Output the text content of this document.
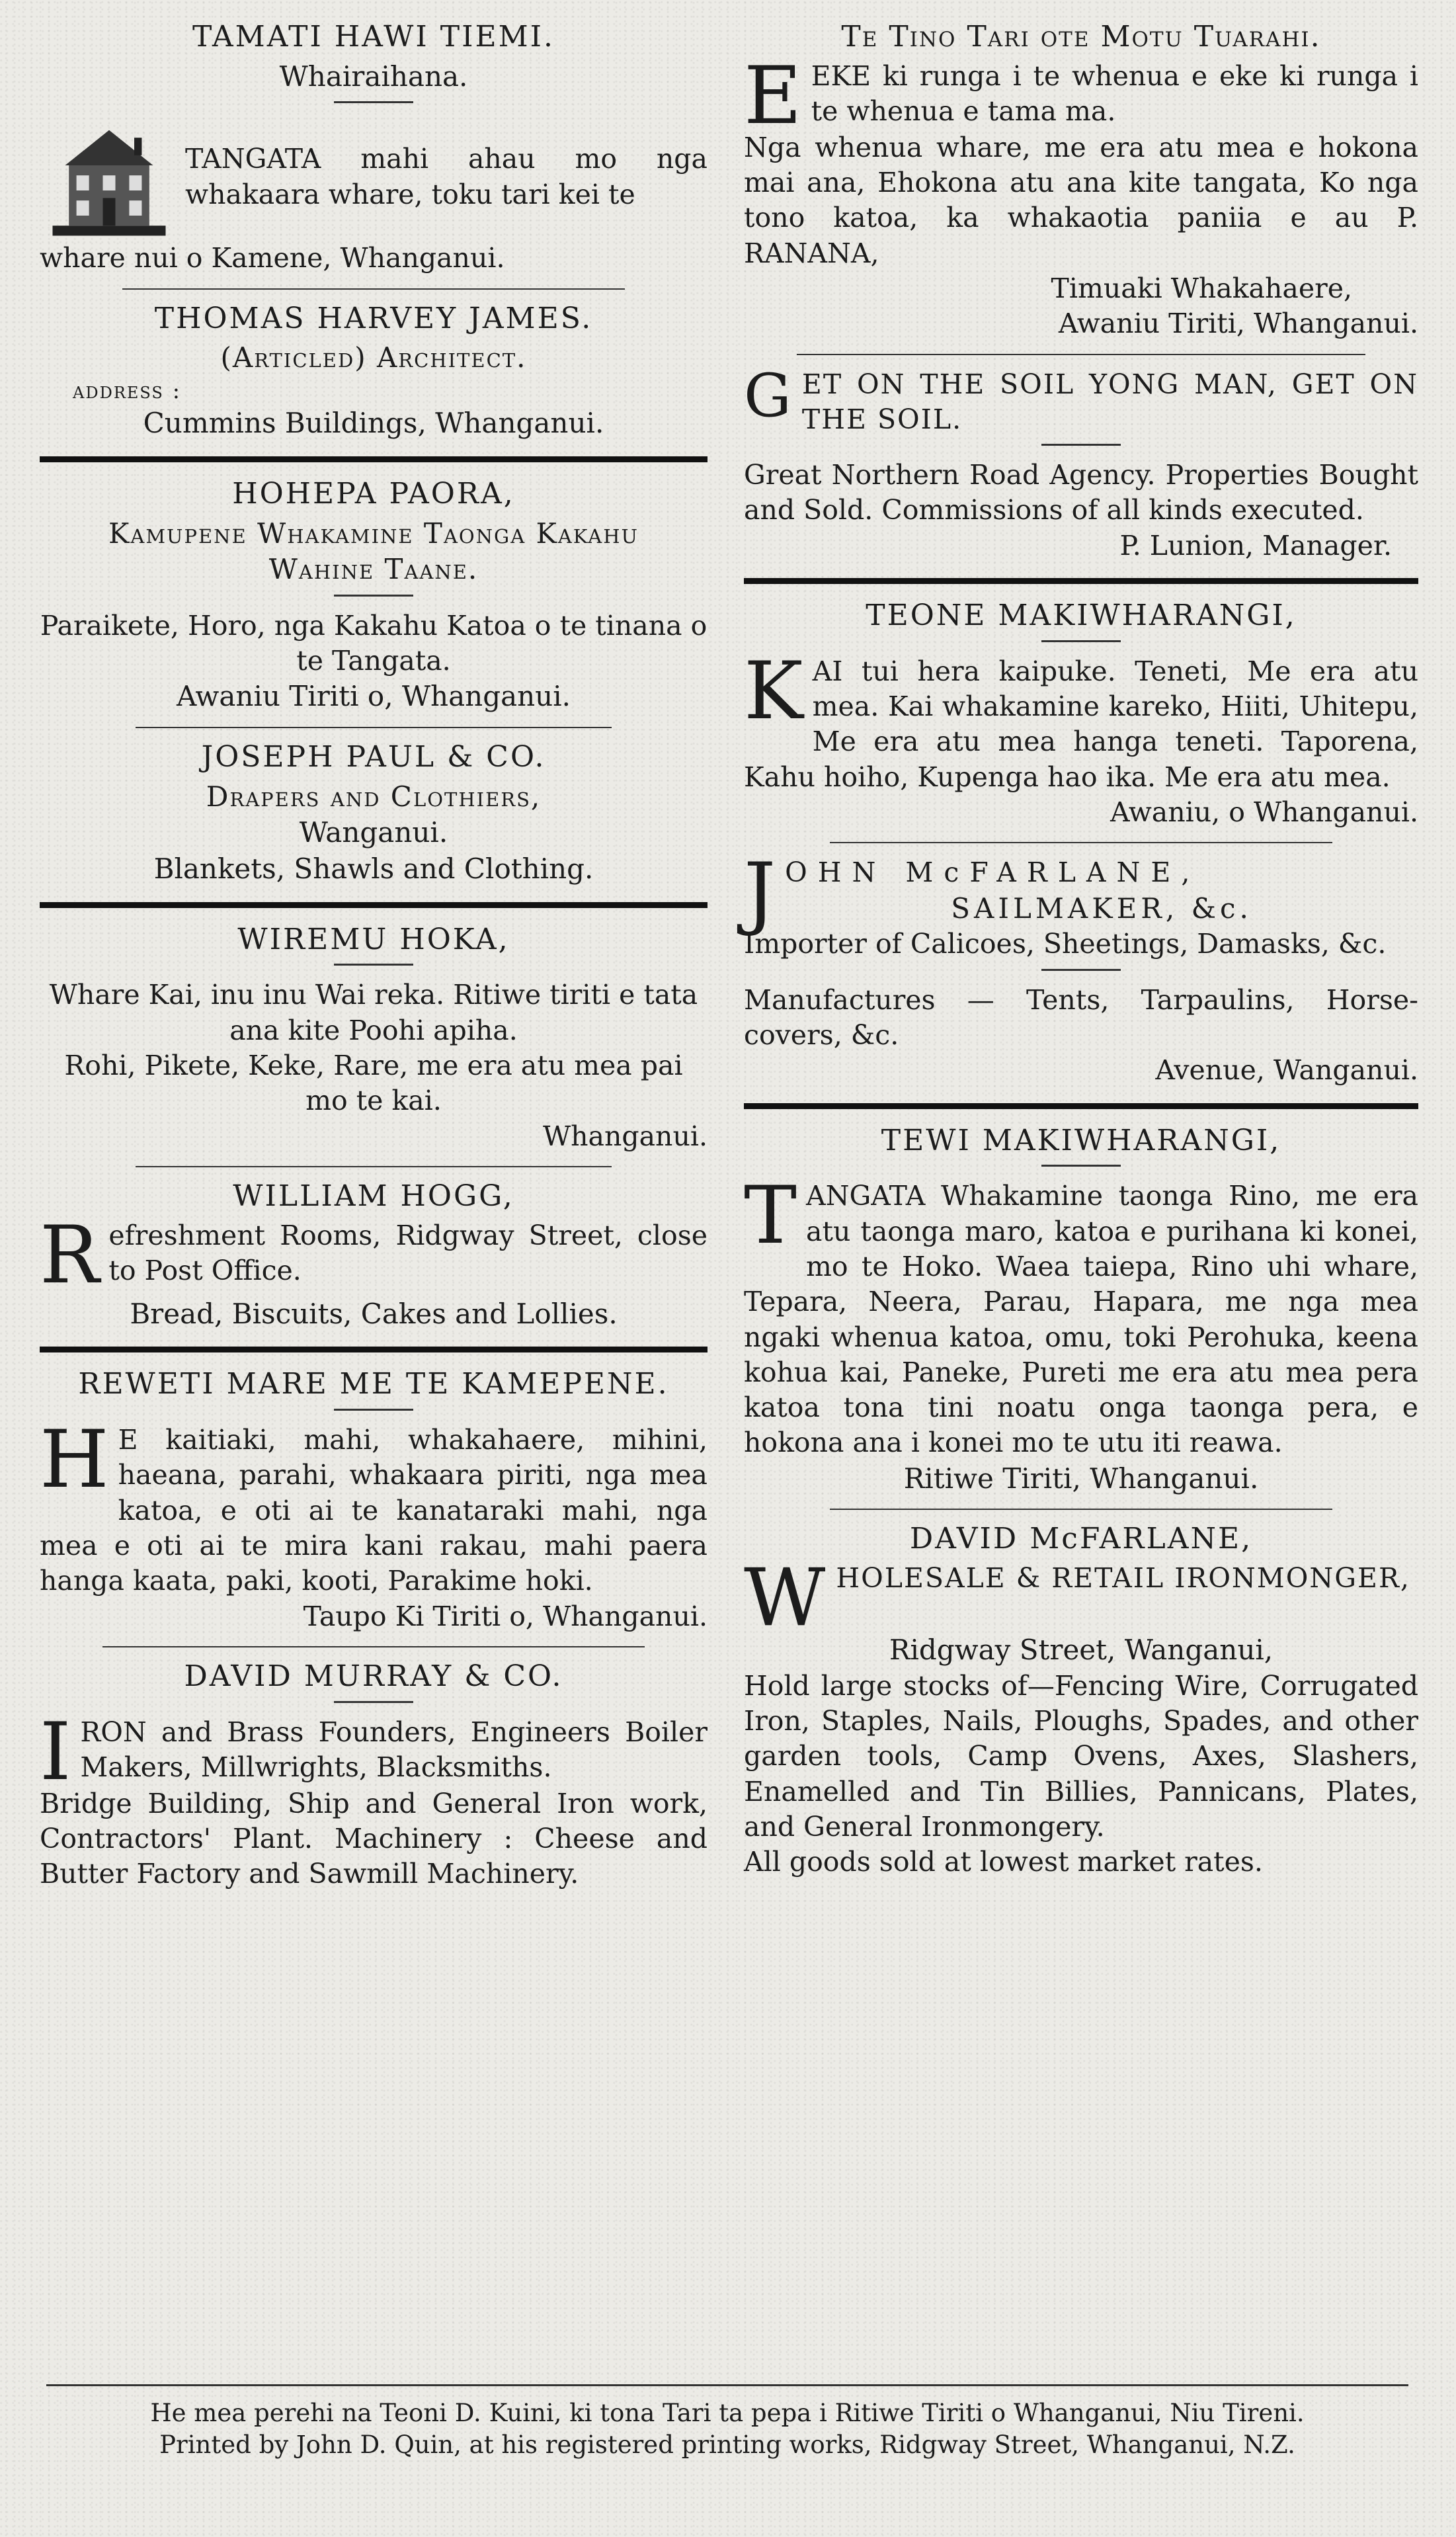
TAMATI HAWI TIEMI.
Whairaihana.
TANGATA mahi ahau mo nga whakaara whare, toku tari kei te
whare nui o Kamene, Whanganui.
THOMAS HARVEY JAMES.
(Articled) Architect.
address :
Cummins Buildings, Whanganui.
HOHEPA PAORA,
Kamupene Whakamine Taonga Kakahu
Wahine Taane.
Paraikete, Horo, nga Kakahu Katoa o te tinana o te Tangata.
Awaniu Tiriti o, Whanganui.
JOSEPH PAUL & CO.
Drapers and Clothiers,
Wanganui.
Blankets, Shawls and Clothing.
WIREMU HOKA,
Whare Kai, inu inu Wai reka. Ritiwe tiriti e tata ana kite Poohi apiha.
Rohi, Pikete, Keke, Rare, me era atu mea pai mo te kai.
Whanganui.
WILLIAM HOGG,
R efreshment Rooms, Ridgway Street, close to Post Office.
Bread, Biscuits, Cakes and Lollies.
REWETI MARE ME TE KAMEPENE.
H E kaitiaki, mahi, whakahaere, mihini, haeana, parahi, whakaara piriti, nga mea katoa, e oti ai te kanataraki mahi, nga mea e oti ai te mira kani rakau, mahi paera hanga kaata, paki, kooti, Parakime hoki.
Taupo Ki Tiriti o, Whanganui.
DAVID MURRAY & CO.
I RON and Brass Founders, Engineers Boiler Makers, Millwrights, Blacksmiths.
Bridge Building, Ship and General Iron work, Contractors' Plant. Machinery : Cheese and Butter Factory and Sawmill Machinery.
Te Tino Tari ote Motu Tuarahi.
E EKE ki runga i te whenua e eke ki runga i te whenua e tama ma.
Nga whenua whare, me era atu mea e hokona mai ana, Ehokona atu ana kite tangata, Ko nga tono katoa, ka whakaotia paniia e au P. RANANA,
Timuaki Whakahaere,
Awaniu Tiriti, Whanganui.
G ET ON THE SOIL YONG MAN, GET ON THE SOIL.
Great Northern Road Agency. Properties Bought and Sold. Commissions of all kinds executed.
P. Lunion, Manager.
TEONE MAKIWHARANGI,
K AI tui hera kaipuke. Teneti, Me era atu mea. Kai whakamine kareko, Hiiti, Uhitepu, Me era atu mea hanga teneti. Taporena, Kahu hoiho, Kupenga hao ika. Me era atu mea.
Awaniu, o Whanganui.
J OHN McFARLANE,
SAILMAKER, &c.
Importer of Calicoes, Sheetings, Damasks, &c.
Manufactures — Tents, Tarpaulins, Horse-covers, &c.
Avenue, Wanganui.
TEWI MAKIWHARANGI,
T ANGATA Whakamine taonga Rino, me era atu taonga maro, katoa e purihana ki konei, mo te Hoko. Waea taiepa, Rino uhi whare, Tepara, Neera, Parau, Hapara, me nga mea ngaki whenua katoa, omu, toki Perohuka, keena kohua kai, Paneke, Pureti me era atu mea pera katoa tona tini noatu onga taonga pera, e hokona ana i konei mo te utu iti reawa.
Ritiwe Tiriti, Whanganui.
DAVID McFARLANE,
W HOLESALE & RETAIL IRONMONGER,
Ridgway Street, Wanganui,
Hold large stocks of—Fencing Wire, Corrugated Iron, Staples, Nails, Ploughs, Spades, and other garden tools, Camp Ovens, Axes, Slashers, Enamelled and Tin Billies, Pannicans, Plates, and General Ironmongery.
All goods sold at lowest market rates.
He mea perehi na Teoni D. Kuini, ki tona Tari ta pepa i Ritiwe Tiriti o Whanganui, Niu Tireni.
Printed by John D. Quin, at his registered printing works, Ridgway Street, Whanganui, N.Z.
